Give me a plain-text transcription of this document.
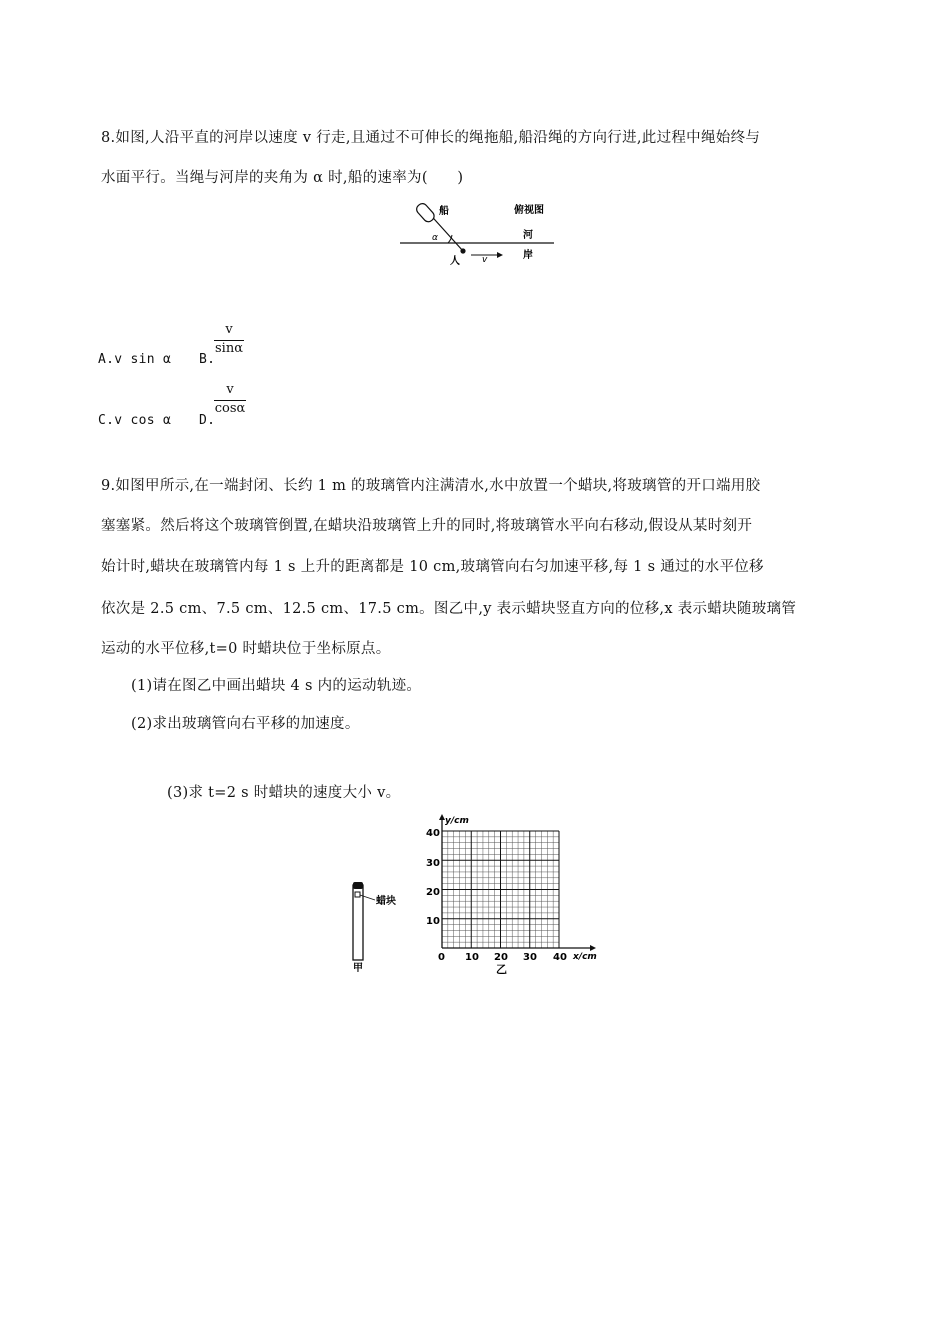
8.如图,人沿平直的河岸以速度 v 行走,且通过不可伸长的绳拖船,船沿绳的方向行进,此过程中绳始终与
水面平行。当绳与河岸的夹角为 α 时,船的速率为(　　)
船	俯视图
河
岸
人
α
v
A.v sin α B.
v
sinα
C.v cos α D.
v
cosα
9.如图甲所示,在一端封闭、长约 1 m 的玻璃管内注满清水,水中放置一个蜡块,将玻璃管的开口端用胶
塞塞紧。然后将这个玻璃管倒置,在蜡块沿玻璃管上升的同时,将玻璃管水平向右移动,假设从某时刻开
始计时,蜡块在玻璃管内每 1 s 上升的距离都是 10 cm,玻璃管向右匀加速平移,每 1 s 通过的水平位移
依次是 2.5 cm、7.5 cm、12.5 cm、17.5 cm。图乙中,y 表示蜡块竖直方向的位移,x 表示蜡块随玻璃管
运动的水平位移,t=0 时蜡块位于坐标原点。
(1)请在图乙中画出蜡块 4 s 内的运动轨迹。
(2)求出玻璃管向右平移的加速度。
(3)求 t=2 s 时蜡块的速度大小 v。
蜡块
甲
y/cm
x/cm
40
30
20
10
0 10 20 30 40
乙
